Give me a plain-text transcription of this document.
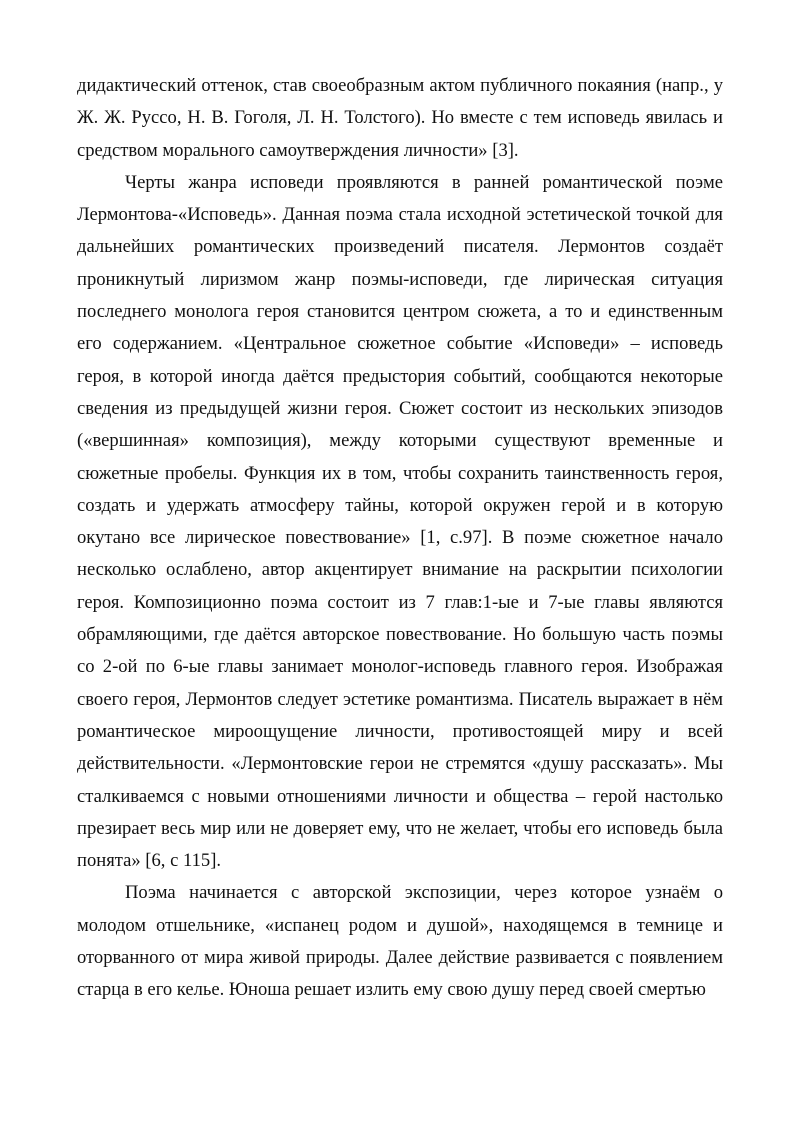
дидактический оттенок, став своеобразным актом публичного покаяния (напр., у Ж. Ж. Руссо, Н. В. Гоголя, Л. Н. Толстого). Но вместе с тем исповедь явилась и средством морального самоутверждения личности» [3].

Черты жанра исповеди проявляются в ранней романтической поэме Лермонтова-«Исповедь». Данная поэма стала исходной эстетической точкой для дальнейших романтических произведений писателя. Лермонтов создаёт проникнутый лиризмом жанр поэмы-исповеди, где лирическая ситуация последнего монолога героя становится центром сюжета, а то и единственным его содержанием. «Центральное сюжетное событие «Исповеди» – исповедь героя, в которой иногда даётся предыстория событий, сообщаются некоторые сведения из предыдущей жизни героя. Сюжет состоит из нескольких эпизодов («вершинная» композиция), между которыми существуют временные и сюжетные пробелы. Функция их в том, чтобы сохранить таинственность героя, создать и удержать атмосферу тайны, которой окружен герой и в которую окутано все лирическое повествование» [1, с.97]. В поэме сюжетное начало несколько ослаблено, автор акцентирует внимание на раскрытии психологии героя. Композиционно поэма состоит из 7 глав:1-ые и 7-ые главы являются обрамляющими, где даётся авторское повествование. Но большую часть поэмы со 2-ой по 6-ые главы занимает монолог-исповедь главного героя. Изображая своего героя, Лермонтов следует эстетике романтизма. Писатель выражает в нём романтическое мироощущение личности, противостоящей миру и всей действительности. «Лермонтовские герои не стремятся «душу рассказать». Мы сталкиваемся с новыми отношениями личности и общества – герой настолько презирает весь мир или не доверяет ему, что не желает, чтобы его исповедь была понята» [6, с 115].

Поэма начинается с авторской экспозиции, через которое узнаём о молодом отшельнике, «испанец родом и душой», находящемся в темнице и оторванного от мира живой природы. Далее действие развивается с появлением старца в его келье. Юноша решает излить ему свою душу перед своей смертью
